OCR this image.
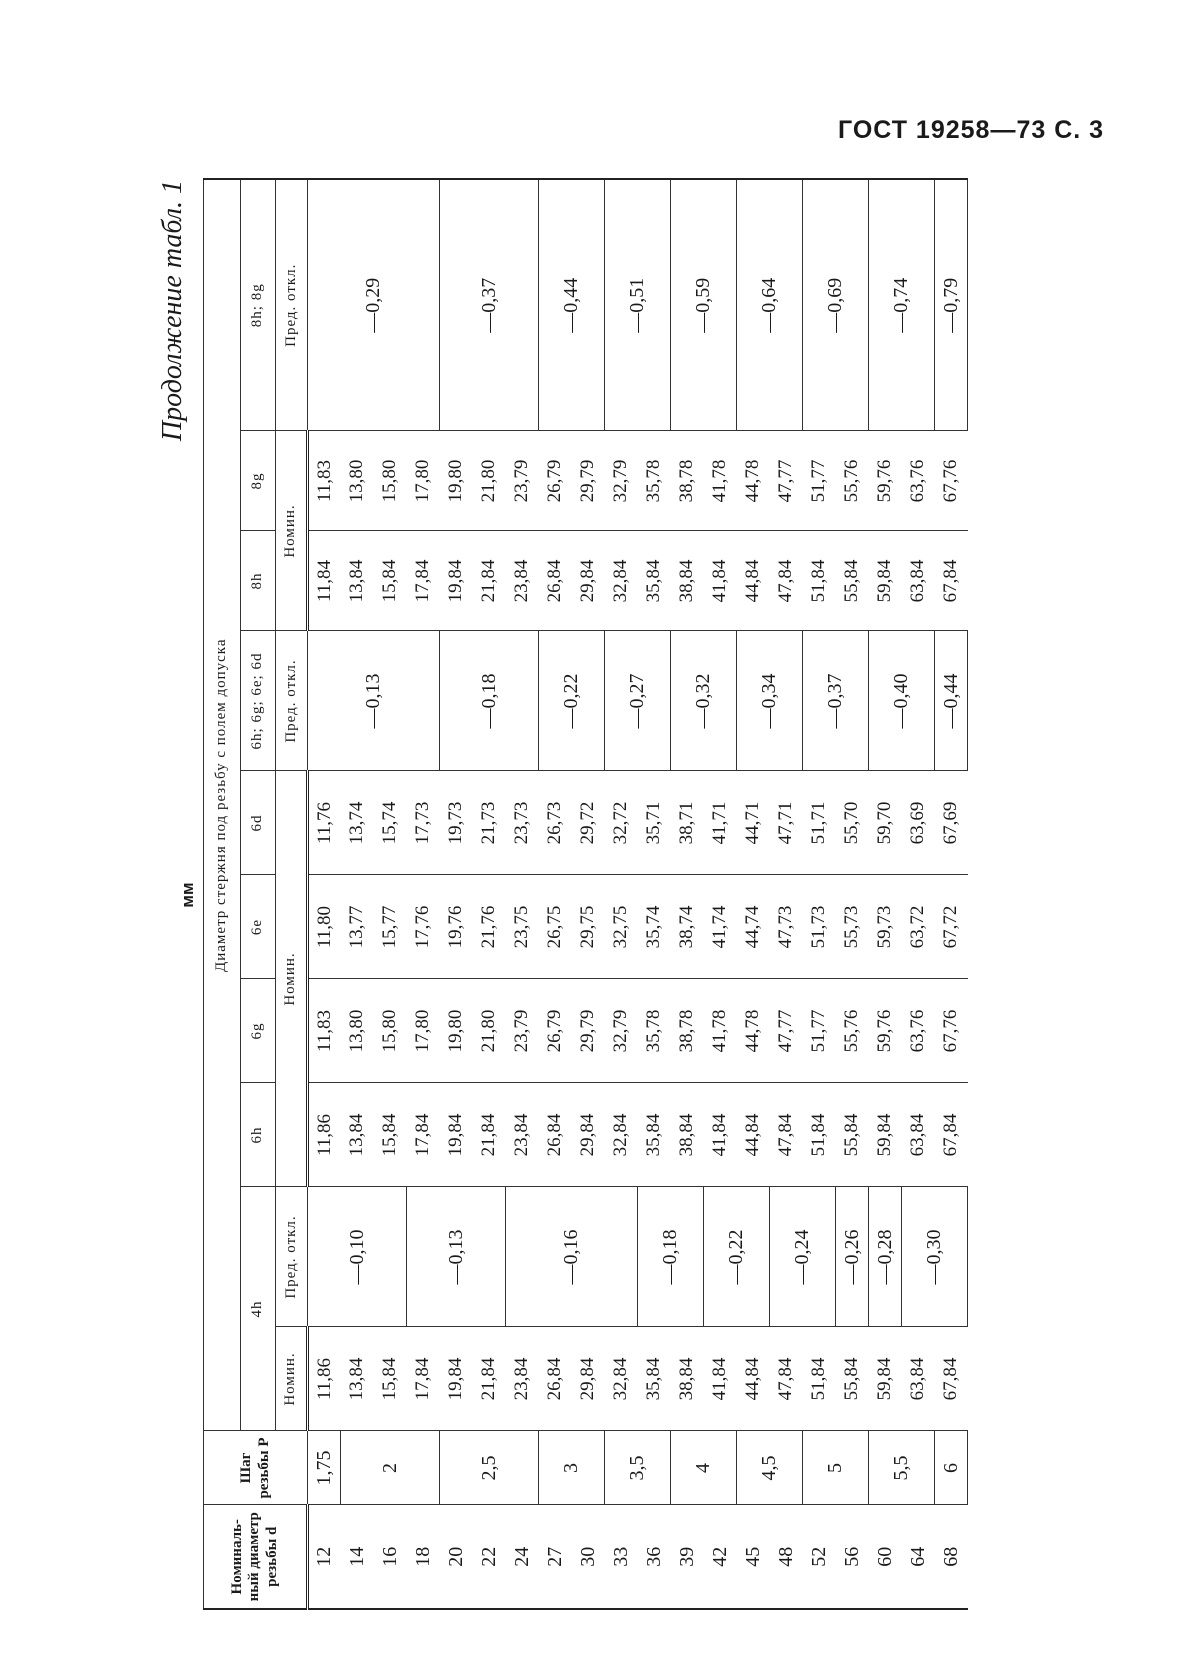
ГОСТ 19258—73 С. 3
Продолжение табл. 1
мм
Номиналь-ный диаметр резьбы d	Шаг резьбы P	Диаметр стержня под резьбу с полем допуска									
		4h		6h	6g	6e	6d	6h; 6g; 6e; 6d	8h	8g	8h; 8g
		Номин.	Пред. откл.	Номин.				Пред. откл.	Номин.		Пред. откл.
12	1,75	11,86	—0,10	11,86	11,83	11,80	11,76	—0,13	11,84	11,83	—0,29
14	2	13,84		13,84	13,80	13,77	13,74		13,84	13,80	
16		15,84		15,84	15,80	15,77	15,74		15,84	15,80	
18		17,84	—0,13	17,84	17,80	17,76	17,73		17,84	17,80	
20	2,5	19,84		19,84	19,80	19,76	19,73	—0,18	19,84	19,80	—0,37
22		21,84		21,84	21,80	21,76	21,73		21,84	21,80	
24		23,84	—0,16	23,84	23,79	23,75	23,73		23,84	23,79	
27	3	26,84		26,84	26,79	26,75	26,73	—0,22	26,84	26,79	—0,44
30		29,84		29,84	29,79	29,75	29,72		29,84	29,79	
33	3,5	32,84		32,84	32,79	32,75	32,72	—0,27	32,84	32,79	—0,51
36		35,84	—0,18	35,84	35,78	35,74	35,71		35,84	35,78	
39	4	38,84		38,84	38,78	38,74	38,71	—0,32	38,84	38,78	—0,59
42		41,84	—0,22	41,84	41,78	41,74	41,71		41,84	41,78	
45	4,5	44,84		44,84	44,78	44,74	44,71	—0,34	44,84	44,78	—0,64
48		47,84	—0,24	47,84	47,77	47,73	47,71		47,84	47,77	
52	5	51,84		51,84	51,77	51,73	51,71	—0,37	51,84	51,77	—0,69
56		55,84	—0,26	55,84	55,76	55,73	55,70		55,84	55,76	
60	5,5	59,84	—0,28	59,84	59,76	59,73	59,70	—0,40	59,84	59,76	—0,74
64		63,84	—0,30	63,84	63,76	63,72	63,69		63,84	63,76	
68	6	67,84		67,84	67,76	67,72	67,69	—0,44	67,84	67,76	—0,79
